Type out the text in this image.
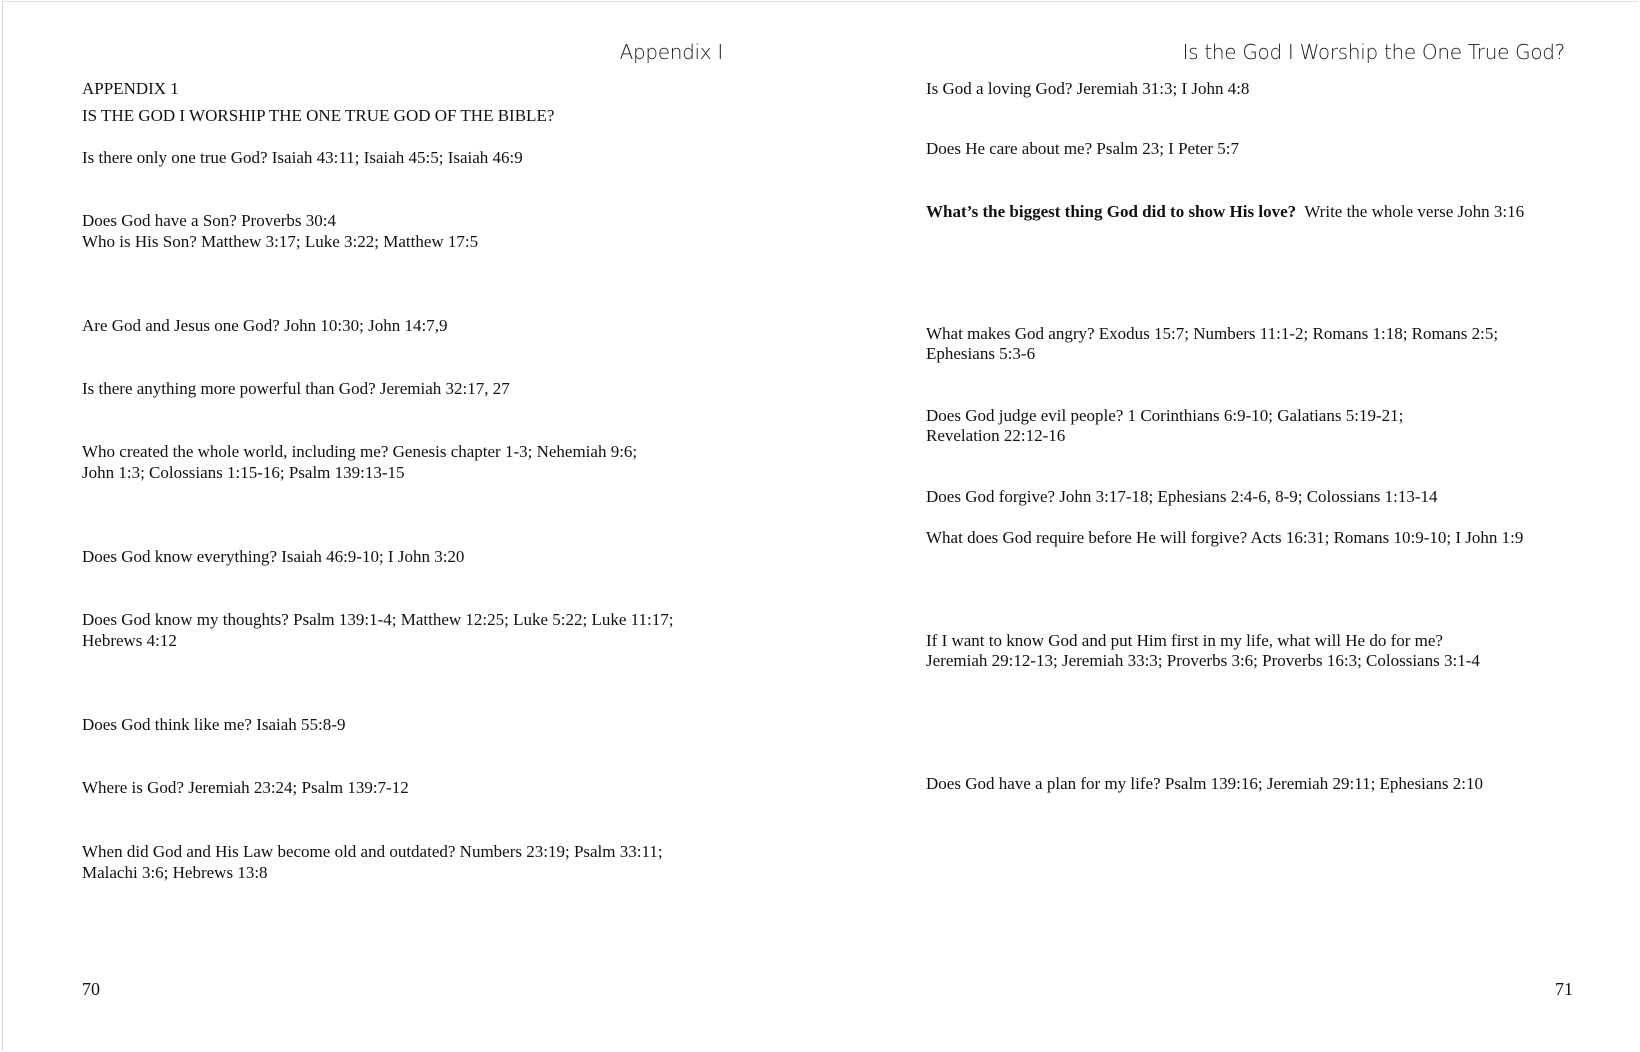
Appendix I
APPENDIX 1
IS THE GOD I WORSHIP THE ONE TRUE GOD OF THE BIBLE?
Is there only one true God? Isaiah 43:11; Isaiah 45:5; Isaiah 46:9
Does God have a Son? Proverbs 30:4
Who is His Son? Matthew 3:17; Luke 3:22; Matthew 17:5
Are God and Jesus one God? John 10:30; John 14:7,9
Is there anything more powerful than God? Jeremiah 32:17, 27
Who created the whole world, including me? Genesis chapter 1-3; Nehemiah 9:6;
John 1:3; Colossians 1:15-16; Psalm 139:13-15
Does God know everything? Isaiah 46:9-10; I John 3:20
Does God know my thoughts? Psalm 139:1-4; Matthew 12:25; Luke 5:22; Luke 11:17;
Hebrews 4:12
Does God think like me? Isaiah 55:8-9
Where is God? Jeremiah 23:24; Psalm 139:7-12
When did God and His Law become old and outdated? Numbers 23:19; Psalm 33:11;
Malachi 3:6; Hebrews 13:8
70
Is the God I Worship the One True God?
Is God a loving God? Jeremiah 31:3; I John 4:8
Does He care about me? Psalm 23; I Peter 5:7
What’s the biggest thing God did to show His love?  Write the whole verse John 3:16
What makes God angry? Exodus 15:7; Numbers 11:1-2; Romans 1:18; Romans 2:5;
Ephesians 5:3-6
Does God judge evil people? 1 Corinthians 6:9-10; Galatians 5:19-21;
Revelation 22:12-16
Does God forgive? John 3:17-18; Ephesians 2:4-6, 8-9; Colossians 1:13-14
What does God require before He will forgive? Acts 16:31; Romans 10:9-10; I John 1:9
If I want to know God and put Him first in my life, what will He do for me?
Jeremiah 29:12-13; Jeremiah 33:3; Proverbs 3:6; Proverbs 16:3; Colossians 3:1-4
Does God have a plan for my life? Psalm 139:16; Jeremiah 29:11; Ephesians 2:10
71
